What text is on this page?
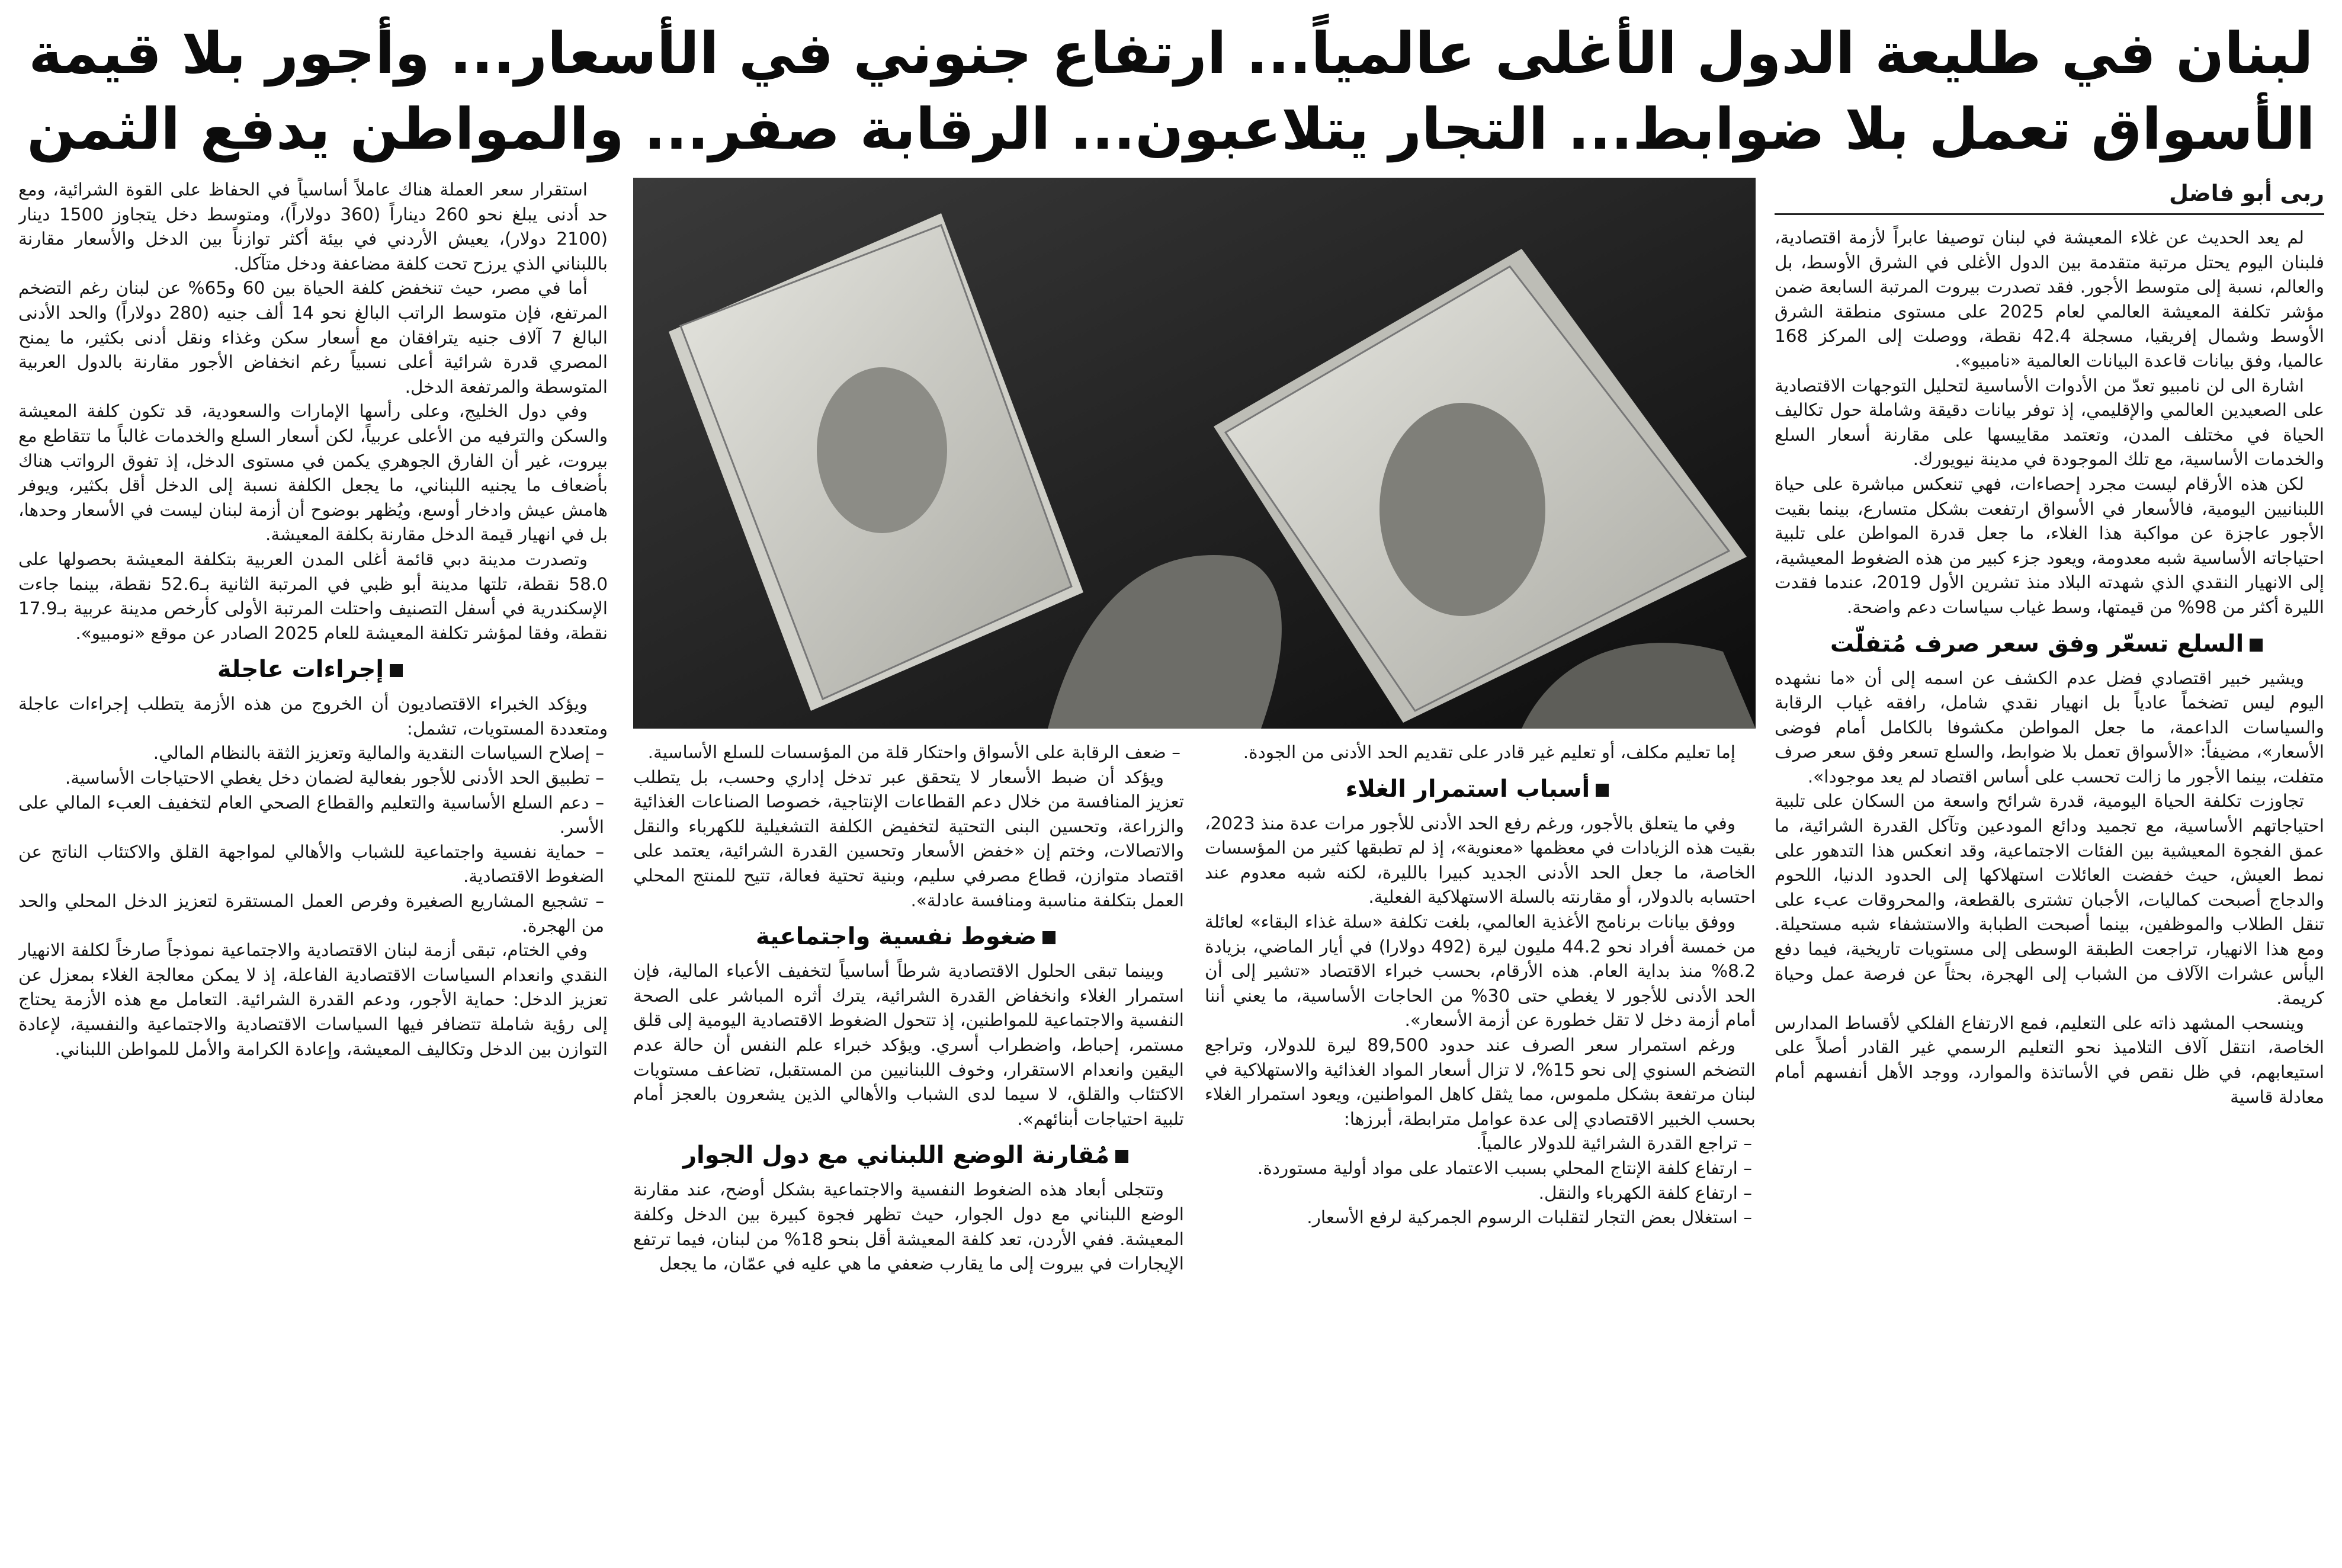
لبنان في طليعة الدول الأغلى عالمياً... ارتفاع جنوني في الأسعار... وأجور بلا قيمة
الأسواق تعمل بلا ضوابط... التجار يتلاعبون... الرقابة صفر... والمواطن يدفع الثمن
ربى أبو فاضل

لم يعد الحديث عن غلاء المعيشة في لبنان توصيفا عابراً لأزمة اقتصادية، فلبنان اليوم يحتل مرتبة متقدمة بين الدول الأغلى في الشرق الأوسط، بل والعالم، نسبة إلى متوسط الأجور. فقد تصدرت بيروت المرتبة السابعة ضمن مؤشر تكلفة المعيشة العالمي لعام 2025 على مستوى منطقة الشرق الأوسط وشمال إفريقيا، مسجلة 42.4 نقطة، ووصلت إلى المركز 168 عالميا، وفق بيانات قاعدة البيانات العالمية «نامبيو».

اشارة الى لن نامبيو تعدّ من الأدوات الأساسية لتحليل التوجهات الاقتصادية على الصعيدين العالمي والإقليمي، إذ توفر بيانات دقيقة وشاملة حول تكاليف الحياة في مختلف المدن، وتعتمد مقاييسها على مقارنة أسعار السلع والخدمات الأساسية، مع تلك الموجودة في مدينة نيويورك.

لكن هذه الأرقام ليست مجرد إحصاءات، فهي تنعكس مباشرة على حياة اللبنانيين اليومية، فالأسعار في الأسواق ارتفعت بشكل متسارع، بينما بقيت الأجور عاجزة عن مواكبة هذا الغلاء، ما جعل قدرة المواطن على تلبية احتياجاته الأساسية شبه معدومة، ويعود جزء كبير من هذه الضغوط المعيشية، إلى الانهيار النقدي الذي شهدته البلاد منذ تشرين الأول 2019، عندما فقدت الليرة أكثر من 98% من قيمتها، وسط غياب سياسات دعم واضحة.

السلع تسعّر وفق سعر صرف مُتفلّت

ويشير خبير اقتصادي فضل عدم الكشف عن اسمه إلى أن «ما نشهده اليوم ليس تضخماً عادياً بل انهيار نقدي شامل، رافقه غياب الرقابة والسياسات الداعمة، ما جعل المواطن مكشوفا بالكامل أمام فوضى الأسعار»، مضيفاً: «الأسواق تعمل بلا ضوابط، والسلع تسعر وفق سعر صرف متفلت، بينما الأجور ما زالت تحسب على أساس اقتصاد لم يعد موجودا».

تجاوزت تكلفة الحياة اليومية، قدرة شرائح واسعة من السكان على تلبية احتياجاتهم الأساسية، مع تجميد ودائع المودعين وتآكل القدرة الشرائية، ما عمق الفجوة المعيشية بين الفئات الاجتماعية، وقد انعكس هذا التدهور على نمط العيش، حيث خفضت العائلات استهلاكها إلى الحدود الدنيا، اللحوم والدجاج أصبحت كماليات، الأجبان تشترى بالقطعة، والمحروقات عبء على تنقل الطلاب والموظفين، بينما أصبحت الطبابة والاستشفاء شبه مستحيلة. ومع هذا الانهيار، تراجعت الطبقة الوسطى إلى مستويات تاريخية، فيما دفع اليأس عشرات الآلاف من الشباب إلى الهجرة، بحثاً عن فرصة عمل وحياة كريمة.

وينسحب المشهد ذاته على التعليم، فمع الارتفاع الفلكي لأقساط المدارس الخاصة، انتقل آلاف التلاميذ نحو التعليم الرسمي غير القادر أصلاً على استيعابهم، في ظل نقص في الأساتذة والموارد، ووجد الأهل أنفسهم أمام معادلة قاسية

إما تعليم مكلف، أو تعليم غير قادر على تقديم الحد الأدنى من الجودة.

أسباب استمرار الغلاء

وفي ما يتعلق بالأجور، ورغم رفع الحد الأدنى للأجور مرات عدة منذ 2023، بقيت هذه الزيادات في معظمها «معنوية»، إذ لم تطبقها كثير من المؤسسات الخاصة، ما جعل الحد الأدنى الجديد كبيرا بالليرة، لكنه شبه معدوم عند احتسابه بالدولار، أو مقارنته بالسلة الاستهلاكية الفعلية.

ووفق بيانات برنامج الأغذية العالمي، بلغت تكلفة «سلة غذاء البقاء» لعائلة من خمسة أفراد نحو 44.2 مليون ليرة (492 دولارا) في أيار الماضي، بزيادة 8.2% منذ بداية العام. هذه الأرقام، بحسب خبراء الاقتصاد «تشير إلى أن الحد الأدنى للأجور لا يغطي حتى 30% من الحاجات الأساسية، ما يعني أننا أمام أزمة دخل لا تقل خطورة عن أزمة الأسعار».

ورغم استمرار سعر الصرف عند حدود 89,500 ليرة للدولار، وتراجع التضخم السنوي إلى نحو 15%، لا تزال أسعار المواد الغذائية والاستهلاكية في لبنان مرتفعة بشكل ملموس، مما يثقل كاهل المواطنين، ويعود استمرار الغلاء بحسب الخبير الاقتصادي إلى عدة عوامل مترابطة، أبرزها:

– تراجع القدرة الشرائية للدولار عالمياً.

– ارتفاع كلفة الإنتاج المحلي بسبب الاعتماد على مواد أولية مستوردة.

– ارتفاع كلفة الكهرباء والنقل.

– استغلال بعض التجار لتقلبات الرسوم الجمركية لرفع الأسعار.

– ضعف الرقابة على الأسواق واحتكار قلة من المؤسسات للسلع الأساسية.

ويؤكد أن ضبط الأسعار لا يتحقق عبر تدخل إداري وحسب، بل يتطلب تعزيز المنافسة من خلال دعم القطاعات الإنتاجية، خصوصا الصناعات الغذائية والزراعة، وتحسين البنى التحتية لتخفيض الكلفة التشغيلية للكهرباء والنقل والاتصالات، وختم إن «خفض الأسعار وتحسين القدرة الشرائية، يعتمد على اقتصاد متوازن، قطاع مصرفي سليم، وبنية تحتية فعالة، تتيح للمنتج المحلي العمل بتكلفة مناسبة ومنافسة عادلة».

ضغوط نفسية واجتماعية

وبينما تبقى الحلول الاقتصادية شرطاً أساسياً لتخفيف الأعباء المالية، فإن استمرار الغلاء وانخفاض القدرة الشرائية، يترك أثره المباشر على الصحة النفسية والاجتماعية للمواطنين، إذ تتحول الضغوط الاقتصادية اليومية إلى قلق مستمر، إحباط، واضطراب أسري. ويؤكد خبراء علم النفس أن حالة عدم اليقين وانعدام الاستقرار، وخوف اللبنانيين من المستقبل، تضاعف مستويات الاكتئاب والقلق، لا سيما لدى الشباب والأهالي الذين يشعرون بالعجز أمام تلبية احتياجات أبنائهم».

مُقارنة الوضع اللبناني مع دول الجوار

وتتجلى أبعاد هذه الضغوط النفسية والاجتماعية بشكل أوضح، عند مقارنة الوضع اللبناني مع دول الجوار، حيث تظهر فجوة كبيرة بين الدخل وكلفة المعيشة. ففي الأردن، تعد كلفة المعيشة أقل بنحو 18% من لبنان، فيما ترتفع الإيجارات في بيروت إلى ما يقارب ضعفي ما هي عليه في عمّان، ما يجعل

استقرار سعر العملة هناك عاملاً أساسياً في الحفاظ على القوة الشرائية، ومع حد أدنى يبلغ نحو 260 ديناراً (360 دولاراً)، ومتوسط دخل يتجاوز 1500 دينار (2100 دولار)، يعيش الأردني في بيئة أكثر توازناً بين الدخل والأسعار مقارنة باللبناني الذي يرزح تحت كلفة مضاعفة ودخل متآكل.

أما في مصر، حيث تنخفض كلفة الحياة بين 60 و65% عن لبنان رغم التضخم المرتفع، فإن متوسط الراتب البالغ نحو 14 ألف جنيه (280 دولاراً) والحد الأدنى البالغ 7 آلاف جنيه يترافقان مع أسعار سكن وغذاء ونقل أدنى بكثير، ما يمنح المصري قدرة شرائية أعلى نسبياً رغم انخفاض الأجور مقارنة بالدول العربية المتوسطة والمرتفعة الدخل.

وفي دول الخليج، وعلى رأسها الإمارات والسعودية، قد تكون كلفة المعيشة والسكن والترفيه من الأعلى عربياً، لكن أسعار السلع والخدمات غالباً ما تتقاطع مع بيروت، غير أن الفارق الجوهري يكمن في مستوى الدخل، إذ تفوق الرواتب هناك بأضعاف ما يجنيه اللبناني، ما يجعل الكلفة نسبة إلى الدخل أقل بكثير، ويوفر هامش عيش وادخار أوسع، ويُظهر بوضوح أن أزمة لبنان ليست في الأسعار وحدها، بل في انهيار قيمة الدخل مقارنة بكلفة المعيشة.

وتصدرت مدينة دبي قائمة أغلى المدن العربية بتكلفة المعيشة بحصولها على 58.0 نقطة، تلتها مدينة أبو ظبي في المرتبة الثانية بـ52.6 نقطة، بينما جاءت الإسكندرية في أسفل التصنيف واحتلت المرتبة الأولى كأرخص مدينة عربية بـ17.9 نقطة، وفقا لمؤشر تكلفة المعيشة للعام 2025 الصادر عن موقع «نومبيو».

إجراءات عاجلة

ويؤكد الخبراء الاقتصاديون أن الخروج من هذه الأزمة يتطلب إجراءات عاجلة ومتعددة المستويات، تشمل:

– إصلاح السياسات النقدية والمالية وتعزيز الثقة بالنظام المالي.

– تطبيق الحد الأدنى للأجور بفعالية لضمان دخل يغطي الاحتياجات الأساسية.

– دعم السلع الأساسية والتعليم والقطاع الصحي العام لتخفيف العبء المالي على الأسر.

– حماية نفسية واجتماعية للشباب والأهالي لمواجهة القلق والاكتئاب الناتج عن الضغوط الاقتصادية.

– تشجيع المشاريع الصغيرة وفرص العمل المستقرة لتعزيز الدخل المحلي والحد من الهجرة.

وفي الختام، تبقى أزمة لبنان الاقتصادية والاجتماعية نموذجاً صارخاً لكلفة الانهيار النقدي وانعدام السياسات الاقتصادية الفاعلة، إذ لا يمكن معالجة الغلاء بمعزل عن تعزيز الدخل: حماية الأجور، ودعم القدرة الشرائية. التعامل مع هذه الأزمة يحتاج إلى رؤية شاملة تتضافر فيها السياسات الاقتصادية والاجتماعية والنفسية، لإعادة التوازن بين الدخل وتكاليف المعيشة، وإعادة الكرامة والأمل للمواطن اللبناني.
